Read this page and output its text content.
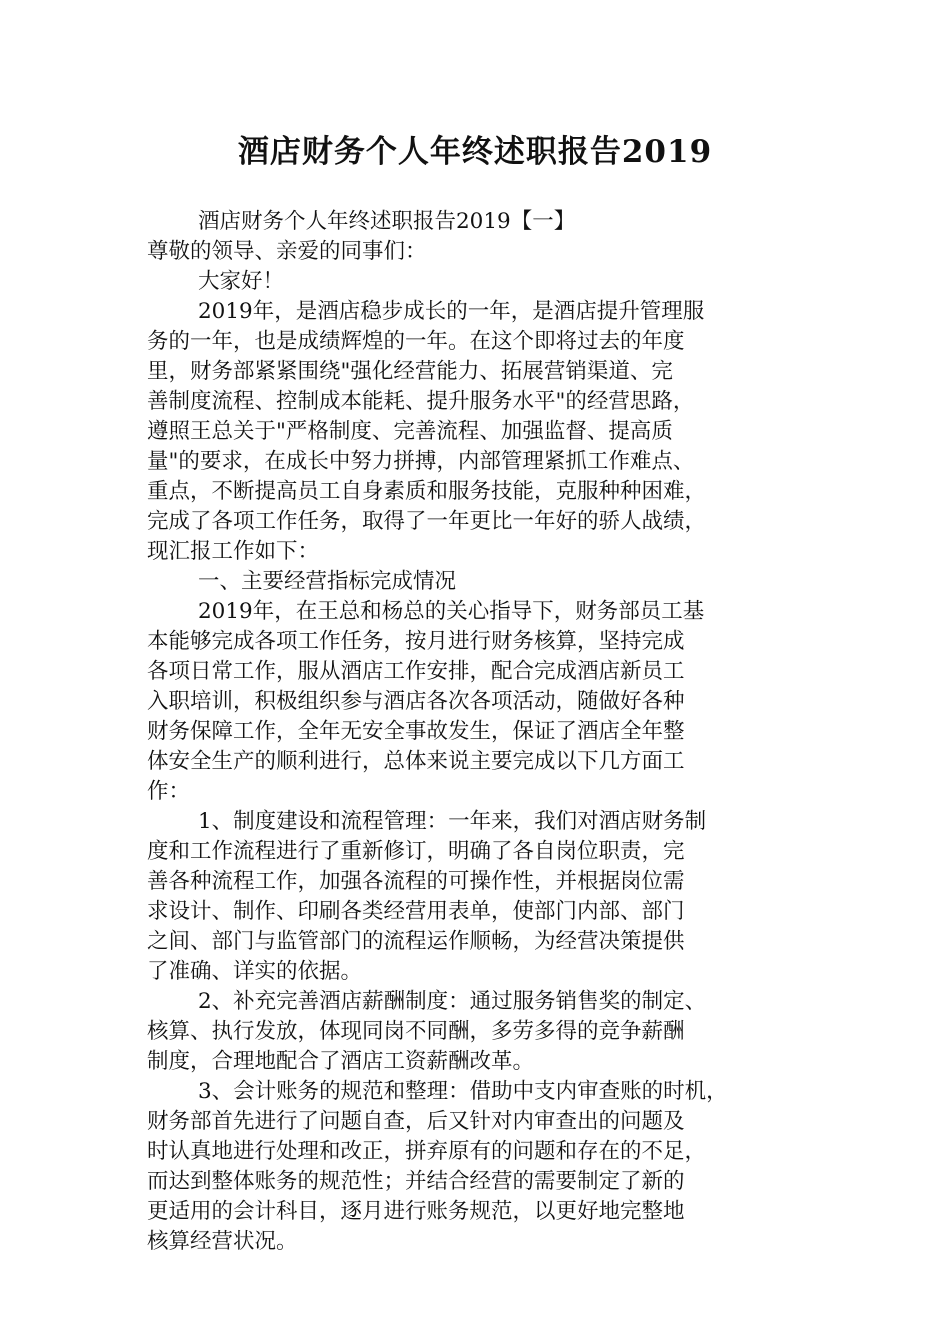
酒店财务个人年终述职报告2019
酒店财务个人年终述职报告2019【一】
尊敬的领导、亲爱的同事们：
大家好！
2019年，是酒店稳步成长的一年，是酒店提升管理服
务的一年，也是成绩辉煌的一年。在这个即将过去的年度
里，财务部紧紧围绕"强化经营能力、拓展营销渠道、完
善制度流程、控制成本能耗、提升服务水平"的经营思路，
遵照王总关于"严格制度、完善流程、加强监督、提高质
量"的要求，在成长中努力拼搏，内部管理紧抓工作难点、
重点，不断提高员工自身素质和服务技能，克服种种困难，
完成了各项工作任务，取得了一年更比一年好的骄人战绩，
现汇报工作如下：
一、主要经营指标完成情况
2019年，在王总和杨总的关心指导下，财务部员工基
本能够完成各项工作任务，按月进行财务核算，坚持完成
各项日常工作，服从酒店工作安排，配合完成酒店新员工
入职培训，积极组织参与酒店各次各项活动，随做好各种
财务保障工作，全年无安全事故发生，保证了酒店全年整
体安全生产的顺利进行，总体来说主要完成以下几方面工
作：
1、制度建设和流程管理：一年来，我们对酒店财务制
度和工作流程进行了重新修订，明确了各自岗位职责，完
善各种流程工作，加强各流程的可操作性，并根据岗位需
求设计、制作、印刷各类经营用表单，使部门内部、部门
之间、部门与监管部门的流程运作顺畅，为经营决策提供
了准确、详实的依据。
2、补充完善酒店薪酬制度：通过服务销售奖的制定、
核算、执行发放，体现同岗不同酬，多劳多得的竞争薪酬
制度，合理地配合了酒店工资薪酬改革。
3、会计账务的规范和整理：借助中支内审查账的时机，
财务部首先进行了问题自查，后又针对内审查出的问题及
时认真地进行处理和改正，拼弃原有的问题和存在的不足，
而达到整体账务的规范性；并结合经营的需要制定了新的
更适用的会计科目，逐月进行账务规范，以更好地完整地
核算经营状况。
